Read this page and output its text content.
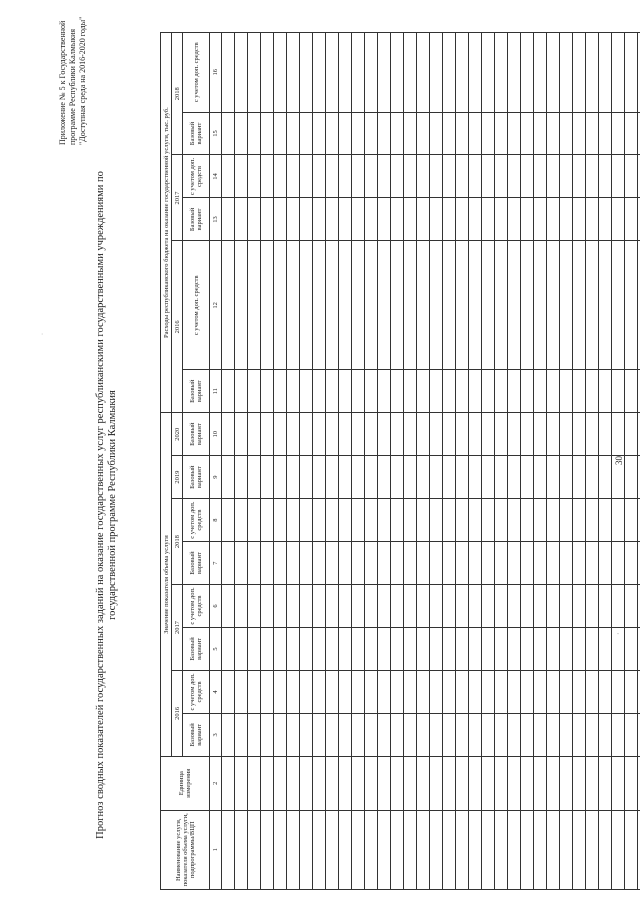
Приложение № 5 к Государственной программе Республики Калмыкия "Доступная среда на 2016-2020 годы"
·	Прогноз сводных показателей государственных заданий на оказание государственных услуг республиканскими государственными учреждениями по государственной программе Республики Калмыкия
Наименование услуги, показателя объема услуги, подпрограммы/ВЦП	Единица измерения	Значение показателя объема услуги								Расходы республиканского бюджета на оказание государственной услуги, тыс. руб.					
		2016		2017		2018		2019	2020	2016		2017		2018	
		Базовый вариант	с учетом доп. средств	Базовый вариант	с учетом доп. средств	Базовый вариант	с учетом доп. средств	Базовый вариант	Базовый вариант	Базовый вариант	с учетом доп. средств	Базовый вариант	с учетом доп. средств	Базовый вариант	с учетом доп. средств
1	2	3	4	5	6	7	8	9	10	11	12	13	14	15	16

·
30
